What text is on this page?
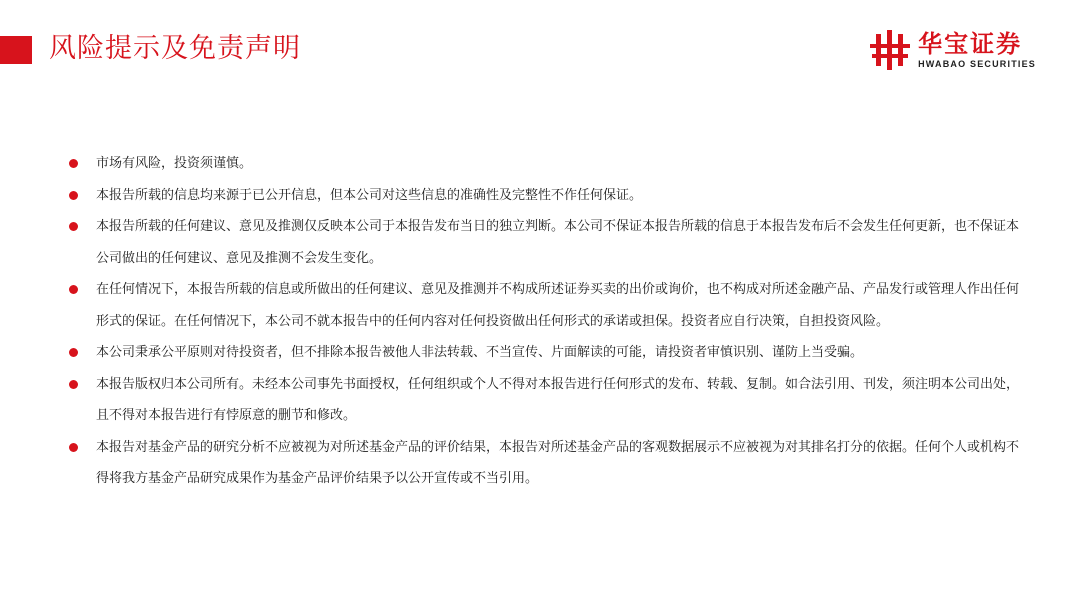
风险提示及免责声明	华宝证券
HWABAO SECURITIES
市场有风险，投资须谨慎。
本报告所载的信息均来源于已公开信息，但本公司对这些信息的准确性及完整性不作任何保证。
本报告所载的任何建议、意见及推测仅反映本公司于本报告发布当日的独立判断。本公司不保证本报告所载的信息于本报告发布后不会发生任何更新，也不保证本公司做出的任何建议、意见及推测不会发生变化。
在任何情况下，本报告所载的信息或所做出的任何建议、意见及推测并不构成所述证券买卖的出价或询价，也不构成对所述金融产品、产品发行或管理人作出任何形式的保证。在任何情况下，本公司不就本报告中的任何内容对任何投资做出任何形式的承诺或担保。投资者应自行决策，自担投资风险。
本公司秉承公平原则对待投资者，但不排除本报告被他人非法转载、不当宣传、片面解读的可能，请投资者审慎识别、谨防上当受骗。
本报告版权归本公司所有。未经本公司事先书面授权，任何组织或个人不得对本报告进行任何形式的发布、转载、复制。如合法引用、刊发，须注明本公司出处，且不得对本报告进行有悖原意的删节和修改。
本报告对基金产品的研究分析不应被视为对所述基金产品的评价结果，本报告对所述基金产品的客观数据展示不应被视为对其排名打分的依据。任何个人或机构不得将我方基金产品研究成果作为基金产品评价结果予以公开宣传或不当引用。
